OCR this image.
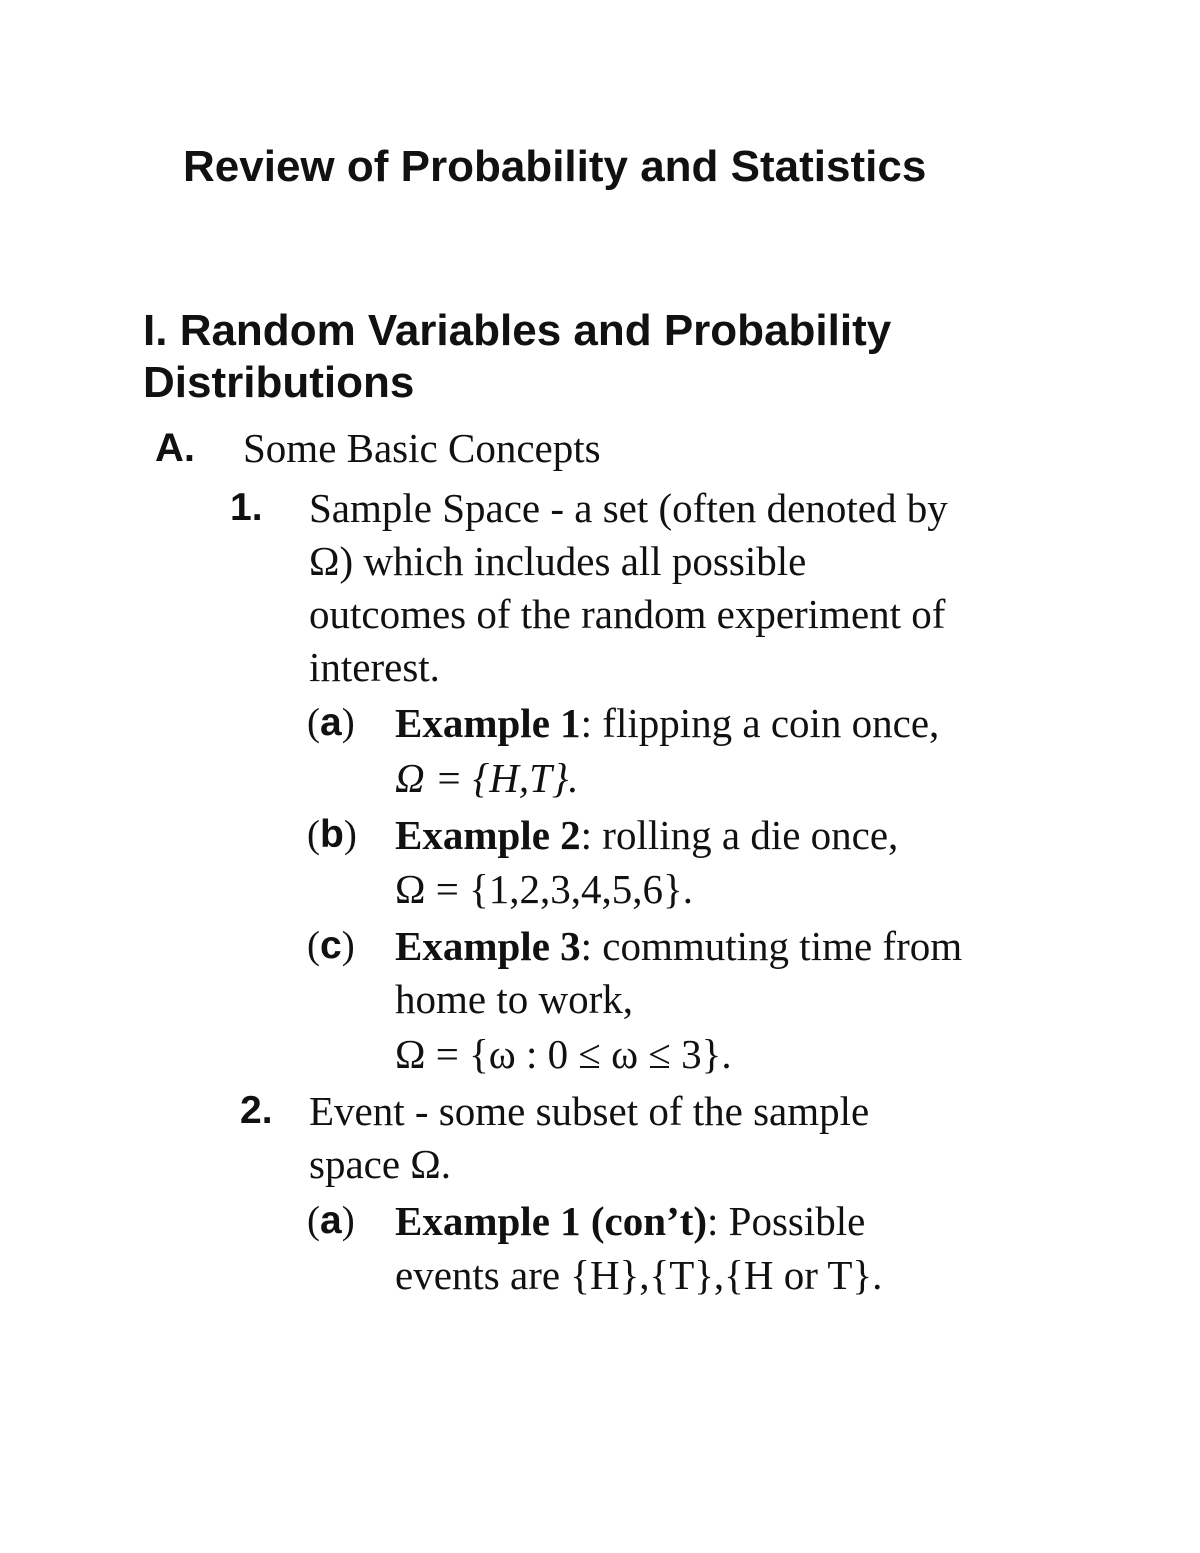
Review of Probability and Statistics
I. Random Variables and Probability
Distributions
A. Some Basic Concepts
1. Sample Space - a set (often denoted by
Ω) which includes all possible
outcomes of the random experiment of
interest.
(a) Example 1: flipping a coin once,
Ω = {H,T}.
(b) Example 2: rolling a die once,
Ω = {1,2,3,4,5,6}.
(c) Example 3: commuting time from
home to work,
Ω = {ω : 0 ≤ ω ≤ 3}.
2. Event - some subset of the sample
space Ω.
(a) Example 1 (con’t): Possible
events are {H},{T},{H or T}.
